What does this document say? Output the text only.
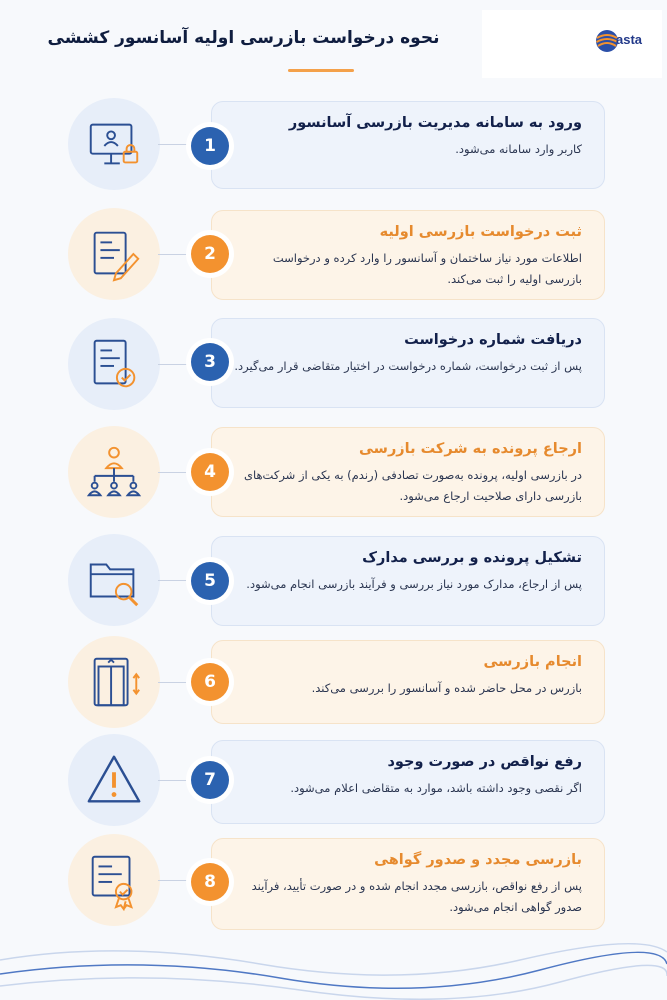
asta
نحوه درخواست بازرسی اولیه آسانسور کششی

ورود به سامانه مدیریت بازرسی آسانسور

کاربر وارد سامانه می‌شود.

1

ثبت درخواست بازرسی اولیه

اطلاعات مورد نیاز ساختمان و آسانسور را وارد کرده و درخواست بازرسی اولیه را ثبت می‌کند.

2

دریافت شماره درخواست

پس از ثبت درخواست، شماره درخواست در اختیار متقاضی قرار می‌گیرد.

3

ارجاع پرونده به شرکت بازرسی

در بازرسی اولیه، پرونده به‌صورت تصادفی (رندم) به یکی از شرکت‌های بازرسی دارای صلاحیت ارجاع می‌شود.

4

تشکیل پرونده و بررسی مدارک

پس از ارجاع، مدارک مورد نیاز بررسی و فرآیند بازرسی انجام می‌شود.

5

انجام بازرسی

بازرس در محل حاضر شده و آسانسور را بررسی می‌کند.

6

رفع نواقص در صورت وجود

اگر نقصی وجود داشته باشد، موارد به متقاضی اعلام می‌شود.

7

بازرسی مجدد و صدور گواهی

پس از رفع نواقص، بازرسی مجدد انجام شده و در صورت تأیید، فرآیند صدور گواهی انجام می‌شود.

8
